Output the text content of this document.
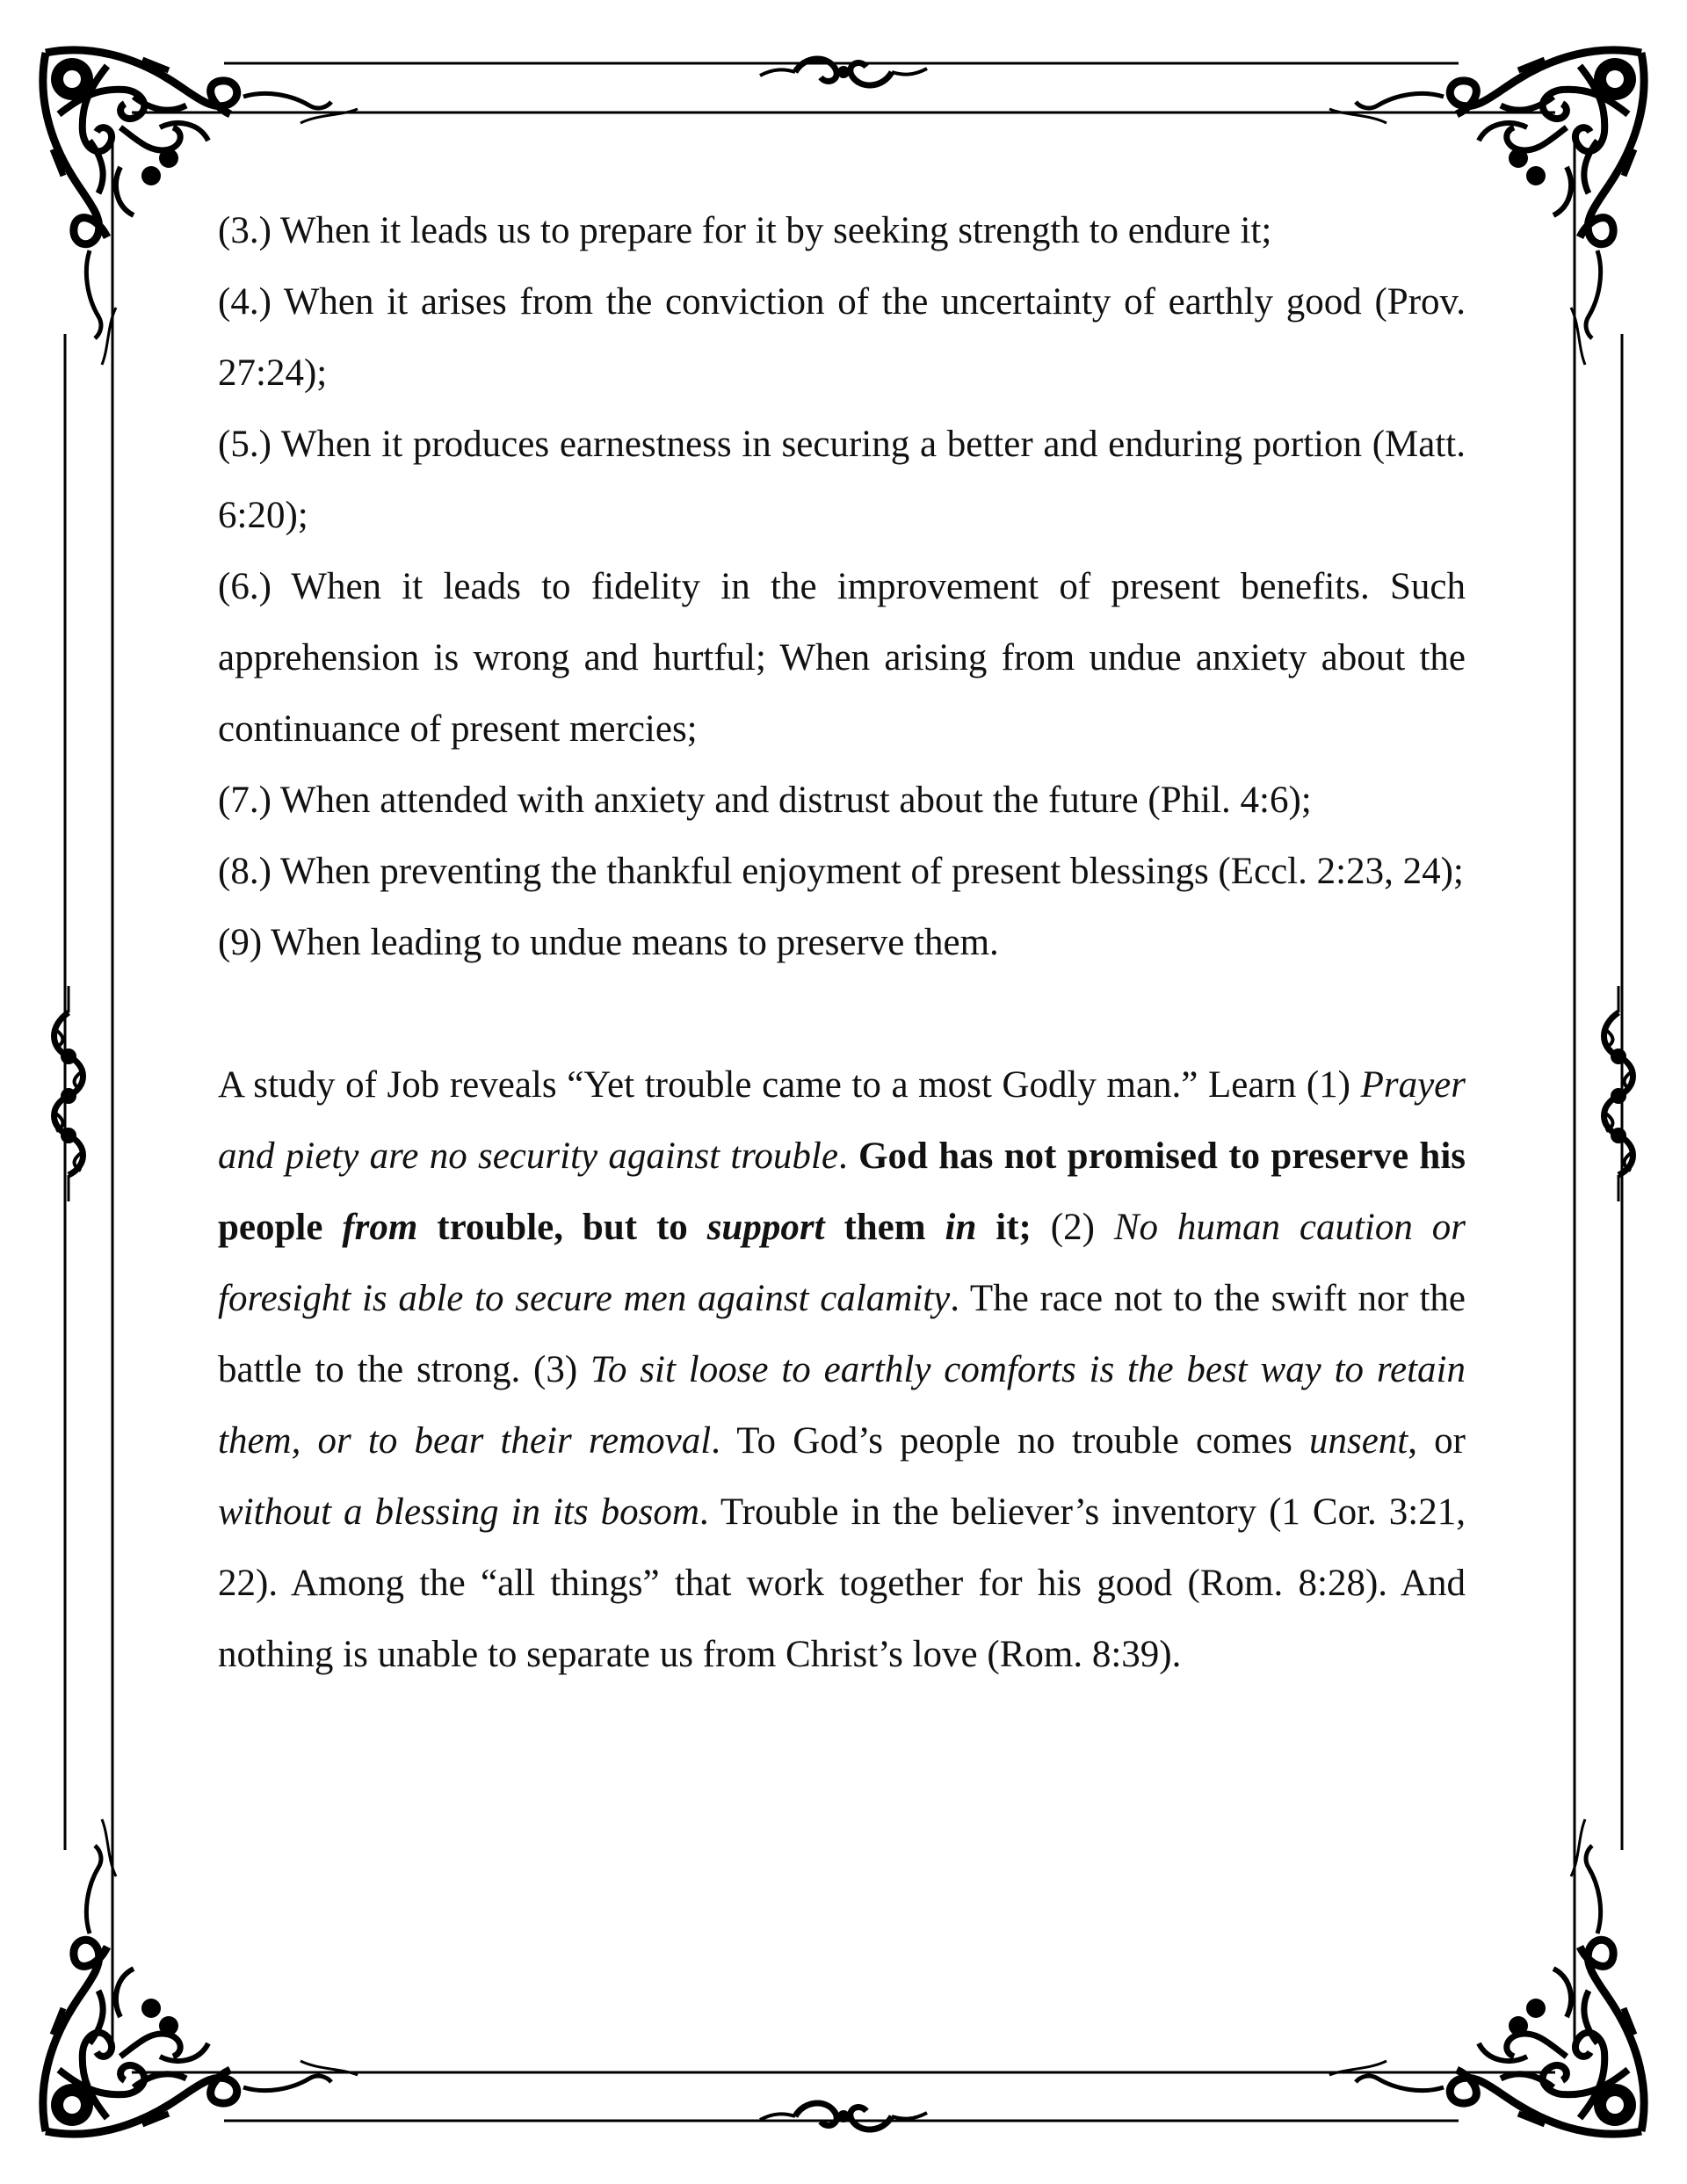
(3.) When it leads us to prepare for it by seeking strength to endure it;

(4.) When it arises from the conviction of the uncertainty of earthly good (Prov. 27:24);

(5.) When it produces earnestness in securing a better and enduring portion (Matt. 6:20);

(6.) When it leads to fidelity in the improvement of present benefits. Such apprehension is wrong and hurtful; When arising from undue anxiety about the continuance of present mercies;

(7.) When attended with anxiety and distrust about the future (Phil. 4:6);

(8.) When preventing the thankful enjoyment of present blessings (Eccl. 2:23, 24);

(9) When leading to undue means to preserve them.

A study of Job reveals “Yet trouble came to a most Godly man.” Learn (1) Prayer and piety are no security against trouble. God has not promised to preserve his people from trouble, but to support them in it; (2) No human caution or foresight is able to secure men against calamity. The race not to the swift nor the battle to the strong. (3) To sit loose to earthly comforts is the best way to retain them, or to bear their removal. To God’s people no trouble comes unsent, or without a blessing in its bosom. Trouble in the believer’s inventory (1 Cor. 3:21, 22). Among the “all things” that work together for his good (Rom. 8:28). And nothing is unable to separate us from Christ’s love (Rom. 8:39).
